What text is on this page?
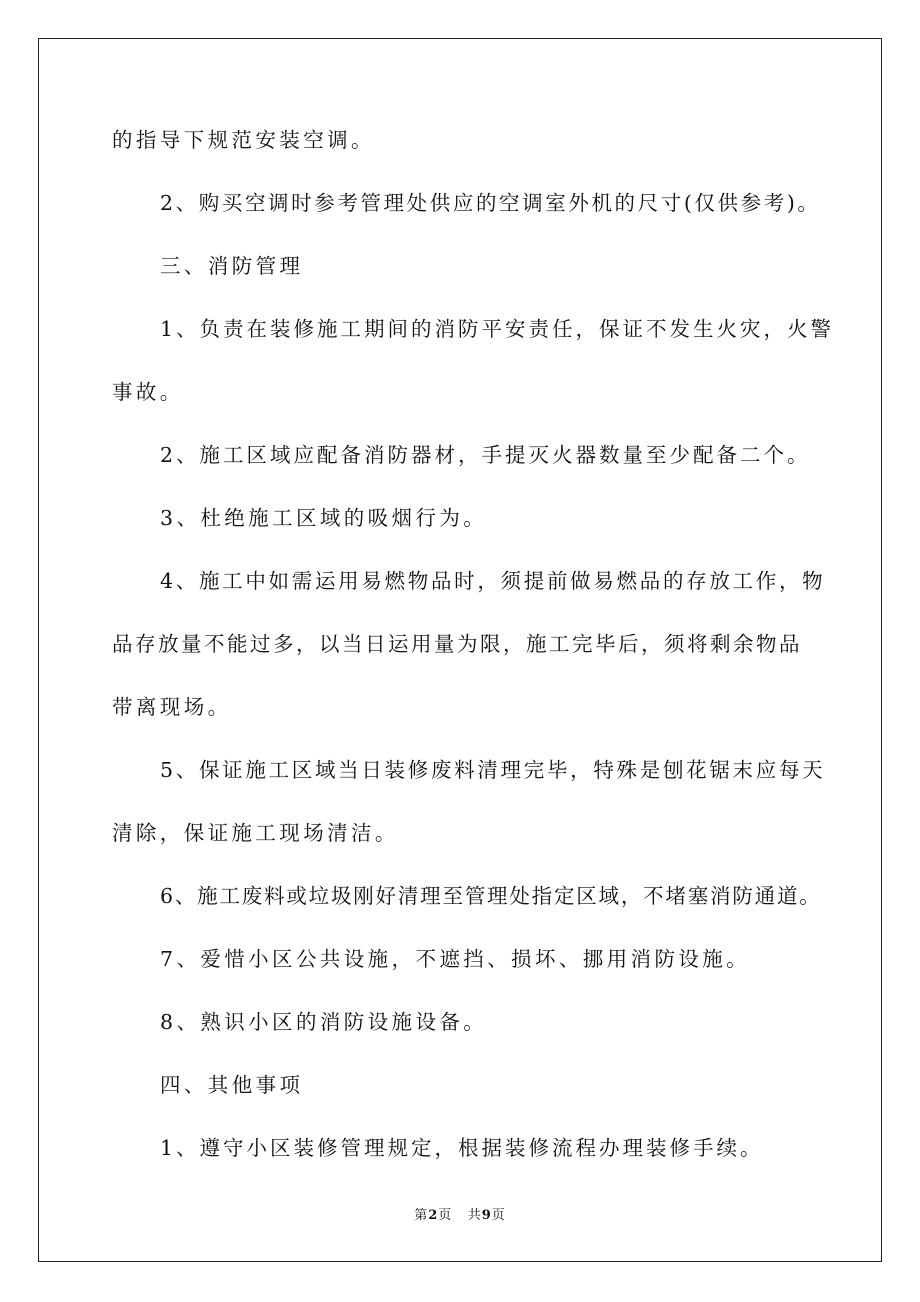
的指导下规范安装空调。

2、购买空调时参考管理处供应的空调室外机的尺寸(仅供参考)。

三、消防管理

1、负责在装修施工期间的消防平安责任，保证不发生火灾，火警

事故。

2、施工区域应配备消防器材，手提灭火器数量至少配备二个。

3、杜绝施工区域的吸烟行为。

4、施工中如需运用易燃物品时，须提前做易燃品的存放工作，物

品存放量不能过多，以当日运用量为限，施工完毕后，须将剩余物品

带离现场。

5、保证施工区域当日装修废料清理完毕，特殊是刨花锯末应每天

清除，保证施工现场清洁。

6、施工废料或垃圾刚好清理至管理处指定区域，不堵塞消防通道。

7、爱惜小区公共设施，不遮挡、损坏、挪用消防设施。

8、熟识小区的消防设施设备。

四、其他事项

1、遵守小区装修管理规定，根据装修流程办理装修手续。

第2页 共9页
